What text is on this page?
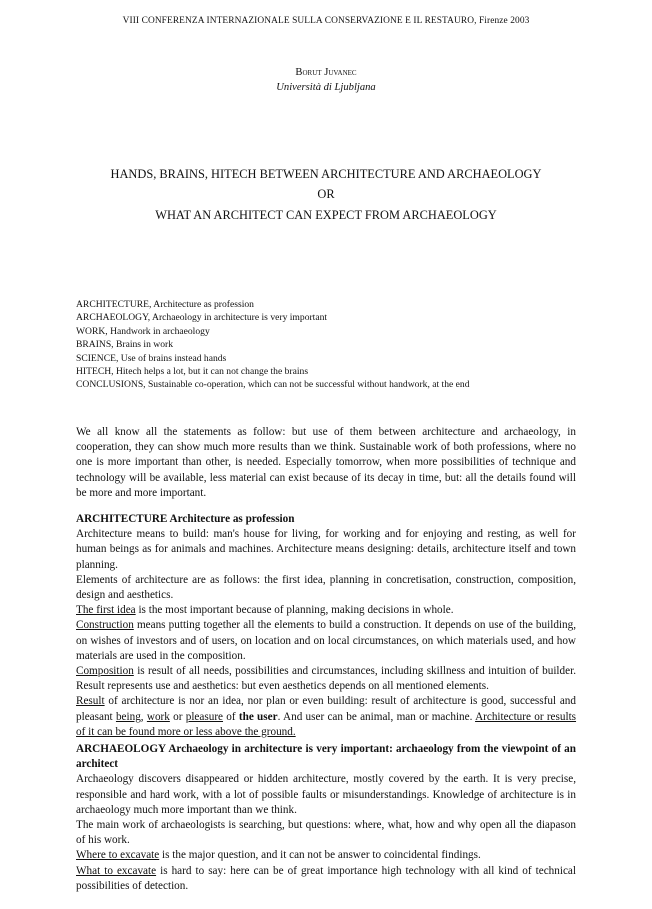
VIII CONFERENZA INTERNAZIONALE SULLA CONSERVAZIONE E IL RESTAURO, Firenze 2003
Borut Juvanec
Università di Ljubljana
HANDS, BRAINS, HITECH BETWEEN ARCHITECTURE AND ARCHAEOLOGY
OR
WHAT AN ARCHITECT CAN EXPECT FROM ARCHAEOLOGY
ARCHITECTURE, Architecture as profession
ARCHAEOLOGY, Archaeology in architecture is very important
WORK, Handwork in archaeology
BRAINS, Brains in work
SCIENCE, Use of brains instead hands
HITECH, Hitech helps a lot, but it can not change the brains
CONCLUSIONS, Sustainable co-operation, which can not be successful without handwork, at the end
We all know all the statements as follow: but use of them between architecture and archaeology, in cooperation, they can show much more results than we think. Sustainable work of both professions, where no one is more important than other, is needed. Especially tomorrow, when more possibilities of technique and technology will be available, less material can exist because of its decay in time, but: all the details found will be more and more important.

ARCHITECTURE Architecture as profession

Architecture means to build: man's house for living, for working and for enjoying and resting, as well for human beings as for animals and machines. Architecture means designing: details, architecture itself and town planning.

Elements of architecture are as follows: the first idea, planning in concretisation, construction, composition, design and aesthetics.

The first idea is the most important because of planning, making decisions in whole.

Construction means putting together all the elements to build a construction. It depends on use of the building, on wishes of investors and of users, on location and on local circumstances, on which materials used, and how materials are used in the composition.

Composition is result of all needs, possibilities and circumstances, including skillness and intuition of builder. Result represents use and aesthetics: but even aesthetics depends on all mentioned elements.

Result of architecture is nor an idea, nor plan or even building: result of architecture is good, successful and pleasant being, work or pleasure of the user. And user can be animal, man or machine. Architecture or results of it can be found more or less above the ground.

ARCHAEOLOGY Archaeology in architecture is very important: archaeology from the viewpoint of an architect

Archaeology discovers disappeared or hidden architecture, mostly covered by the earth. It is very precise, responsible and hard work, with a lot of possible faults or misunderstandings. Knowledge of architecture is in archaeology much more important than we think.

The main work of archaeologists is searching, but questions: where, what, how and why open all the diapason of his work.

Where to excavate is the major question, and it can not be answer to coincidental findings.

What to excavate is hard to say: here can be of great importance high technology with all kind of technical possibilities of detection.
